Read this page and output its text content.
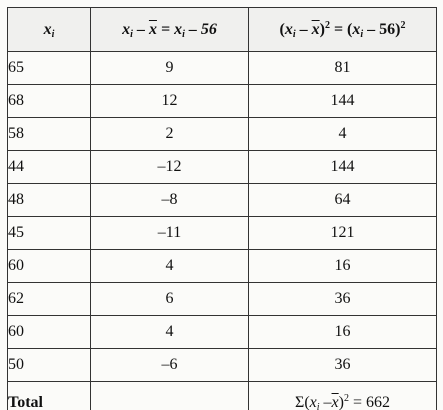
$x_i$	$x_i - \overline{x} = x_i - 56$	$(x_i - \overline{x})^2 = (x_i - 56)^2$
65	9	81
68	12	144
58	2	4
44	–12	144
48	–8	64
45	–11	121
60	4	16
62	6	36
60	4	16
50	–6	36
Total		$\Sigma(x_i$ $-\overline{x})^2 = 662$
